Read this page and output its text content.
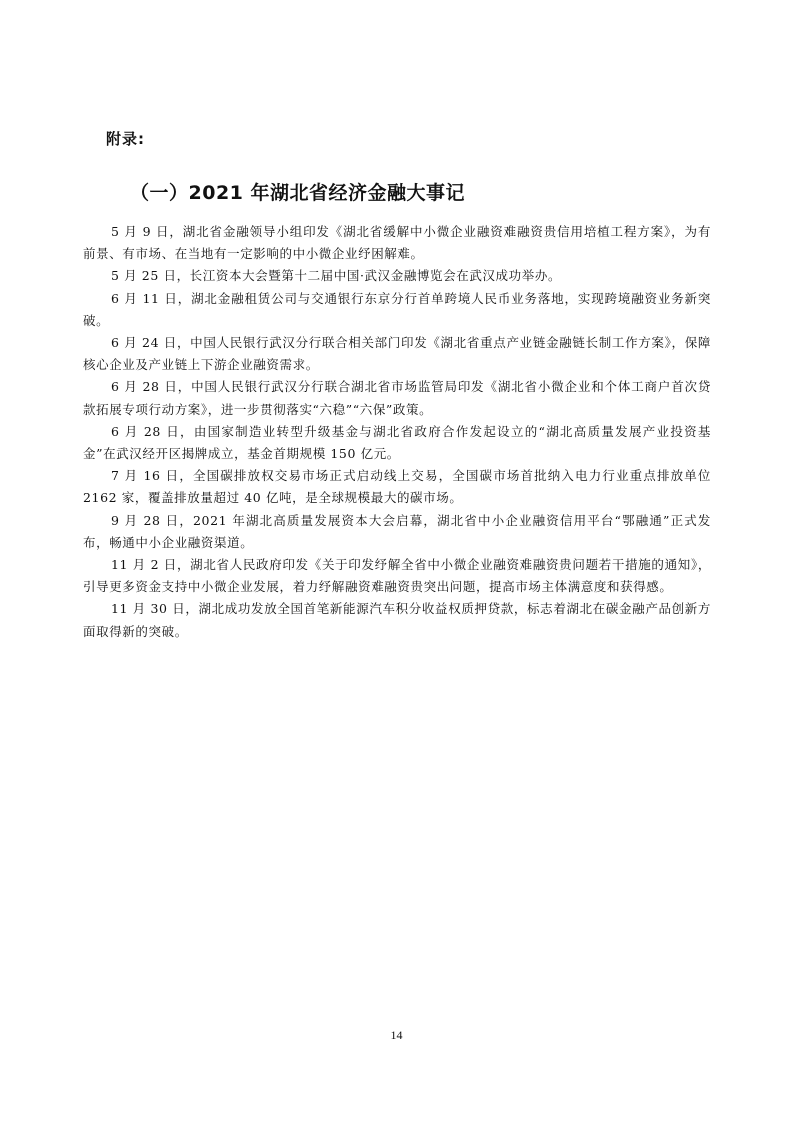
附录:
（一）2021 年湖北省经济金融大事记

5 月 9 日，湖北省金融领导小组印发《湖北省缓解中小微企业融资难融资贵信用培植工程方案》，为有前景、有市场、在当地有一定影响的中小微企业纾困解难。

5 月 25 日，长江资本大会暨第十二届中国·武汉金融博览会在武汉成功举办。

6 月 11 日，湖北金融租赁公司与交通银行东京分行首单跨境人民币业务落地，实现跨境融资业务新突破。

6 月 24 日，中国人民银行武汉分行联合相关部门印发《湖北省重点产业链金融链长制工作方案》，保障核心企业及产业链上下游企业融资需求。

6 月 28 日，中国人民银行武汉分行联合湖北省市场监管局印发《湖北省小微企业和个体工商户首次贷款拓展专项行动方案》，进一步贯彻落实“六稳”“六保”政策。

6 月 28 日，由国家制造业转型升级基金与湖北省政府合作发起设立的“湖北高质量发展产业投资基金”在武汉经开区揭牌成立，基金首期规模 150 亿元。

7 月 16 日，全国碳排放权交易市场正式启动线上交易，全国碳市场首批纳入电力行业重点排放单位 2162 家，覆盖排放量超过 40 亿吨，是全球规模最大的碳市场。

9 月 28 日，2021 年湖北高质量发展资本大会启幕，湖北省中小企业融资信用平台“鄂融通”正式发布，畅通中小企业融资渠道。

11 月 2 日，湖北省人民政府印发《关于印发纾解全省中小微企业融资难融资贵问题若干措施的通知》，引导更多资金支持中小微企业发展，着力纾解融资难融资贵突出问题，提高市场主体满意度和获得感。

11 月 30 日，湖北成功发放全国首笔新能源汽车积分收益权质押贷款，标志着湖北在碳金融产品创新方面取得新的突破。

14
